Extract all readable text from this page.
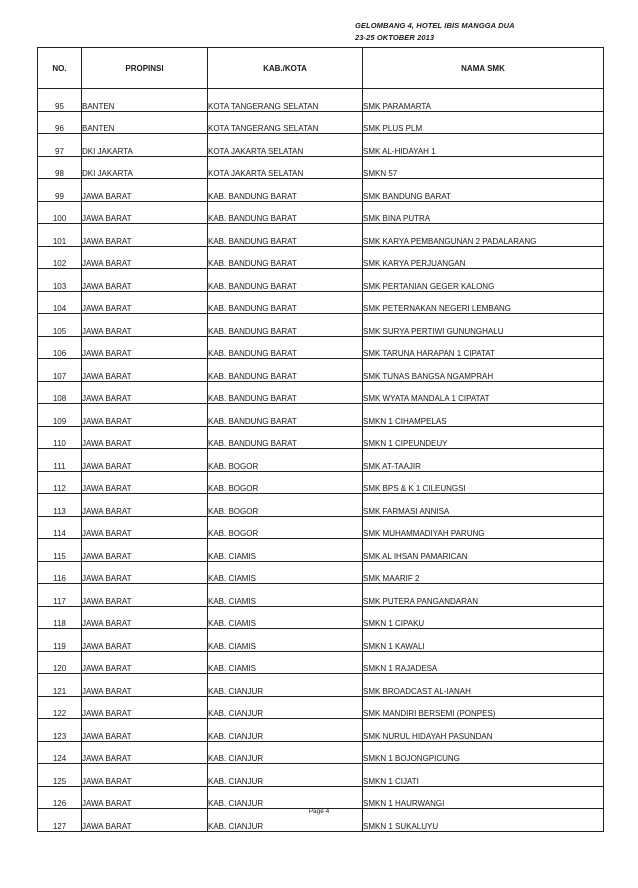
GELOMBANG 4, HOTEL IBIS MANGGA DUA
23-25 OKTOBER 2013
NO.	PROPINSI	KAB./KOTA	NAMA SMK
95	BANTEN	KOTA TANGERANG SELATAN	SMK PARAMARTA
96	BANTEN	KOTA TANGERANG SELATAN	SMK PLUS PLM
97	DKI JAKARTA	KOTA JAKARTA SELATAN	SMK AL-HIDAYAH 1
98	DKI JAKARTA	KOTA JAKARTA SELATAN	SMKN 57
99	JAWA BARAT	KAB. BANDUNG BARAT	SMK BANDUNG BARAT
100	JAWA BARAT	KAB. BANDUNG BARAT	SMK BINA PUTRA
101	JAWA BARAT	KAB. BANDUNG BARAT	SMK KARYA PEMBANGUNAN 2 PADALARANG
102	JAWA BARAT	KAB. BANDUNG BARAT	SMK KARYA PERJUANGAN
103	JAWA BARAT	KAB. BANDUNG BARAT	SMK PERTANIAN GEGER KALONG
104	JAWA BARAT	KAB. BANDUNG BARAT	SMK PETERNAKAN NEGERI LEMBANG
105	JAWA BARAT	KAB. BANDUNG BARAT	SMK SURYA PERTIWI GUNUNGHALU
106	JAWA BARAT	KAB. BANDUNG BARAT	SMK TARUNA HARAPAN 1 CIPATAT
107	JAWA BARAT	KAB. BANDUNG BARAT	SMK TUNAS BANGSA NGAMPRAH
108	JAWA BARAT	KAB. BANDUNG BARAT	SMK WYATA MANDALA 1 CIPATAT
109	JAWA BARAT	KAB. BANDUNG BARAT	SMKN 1 CIHAMPELAS
110	JAWA BARAT	KAB. BANDUNG BARAT	SMKN 1 CIPEUNDEUY
111	JAWA BARAT	KAB. BOGOR	SMK AT-TAAJIR
112	JAWA BARAT	KAB. BOGOR	SMK BPS & K 1 CILEUNGSI
113	JAWA BARAT	KAB. BOGOR	SMK FARMASI ANNISA
114	JAWA BARAT	KAB. BOGOR	SMK MUHAMMADIYAH PARUNG
115	JAWA BARAT	KAB. CIAMIS	SMK AL IHSAN PAMARICAN
116	JAWA BARAT	KAB. CIAMIS	SMK MAARIF 2
117	JAWA BARAT	KAB. CIAMIS	SMK PUTERA PANGANDARAN
118	JAWA BARAT	KAB. CIAMIS	SMKN 1 CIPAKU
119	JAWA BARAT	KAB. CIAMIS	SMKN 1 KAWALI
120	JAWA BARAT	KAB. CIAMIS	SMKN 1 RAJADESA
121	JAWA BARAT	KAB. CIANJUR	SMK BROADCAST AL-IANAH
122	JAWA BARAT	KAB. CIANJUR	SMK MANDIRI BERSEMI (PONPES)
123	JAWA BARAT	KAB. CIANJUR	SMK NURUL HIDAYAH PASUNDAN
124	JAWA BARAT	KAB. CIANJUR	SMKN 1 BOJONGPICUNG
125	JAWA BARAT	KAB. CIANJUR	SMKN 1 CIJATI
126	JAWA BARAT	KAB. CIANJUR	SMKN 1 HAURWANGI
127	JAWA BARAT	KAB. CIANJUR	SMKN 1 SUKALUYU
Page 4
